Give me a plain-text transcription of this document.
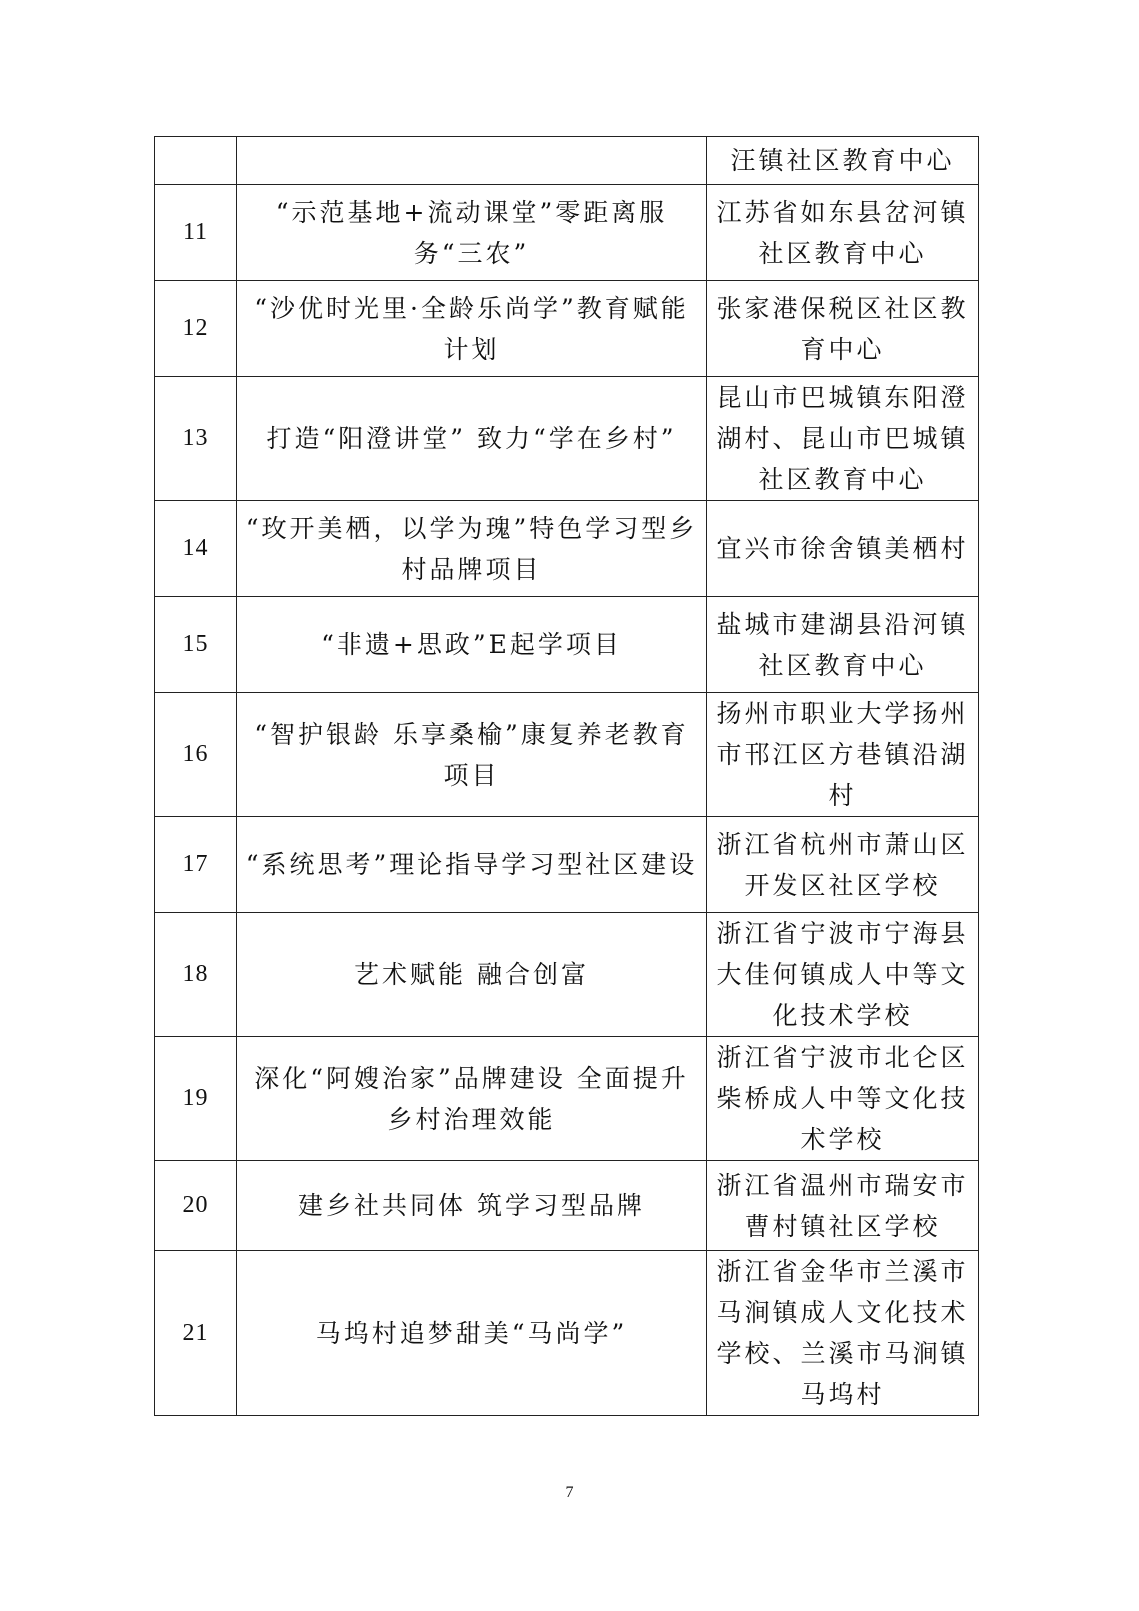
		汪镇社区教育中心
11	“示范基地+流动课堂”零距离服务“三农”	江苏省如东县岔河镇社区教育中心
12	“沙优时光里·全龄乐尚学”教育赋能计划	张家港保税区社区教育中心
13	打造“阳澄讲堂” 致力“学在乡村”	昆山市巴城镇东阳澄湖村、昆山市巴城镇社区教育中心
14	“玫开美栖，以学为瑰”特色学习型乡村品牌项目	宜兴市徐舍镇美栖村
15	“非遗+思政”E起学项目	盐城市建湖县沿河镇社区教育中心
16	“智护银龄 乐享桑榆”康复养老教育项目	扬州市职业大学扬州市邗江区方巷镇沿湖村
17	“系统思考”理论指导学习型社区建设	浙江省杭州市萧山区开发区社区学校
18	艺术赋能 融合创富	浙江省宁波市宁海县大佳何镇成人中等文化技术学校
19	深化“阿嫂治家”品牌建设 全面提升乡村治理效能	浙江省宁波市北仑区柴桥成人中等文化技术学校
20	建乡社共同体 筑学习型品牌	浙江省温州市瑞安市曹村镇社区学校
21	马坞村追梦甜美“马尚学”	浙江省金华市兰溪市马涧镇成人文化技术学校、兰溪市马涧镇马坞村
7
